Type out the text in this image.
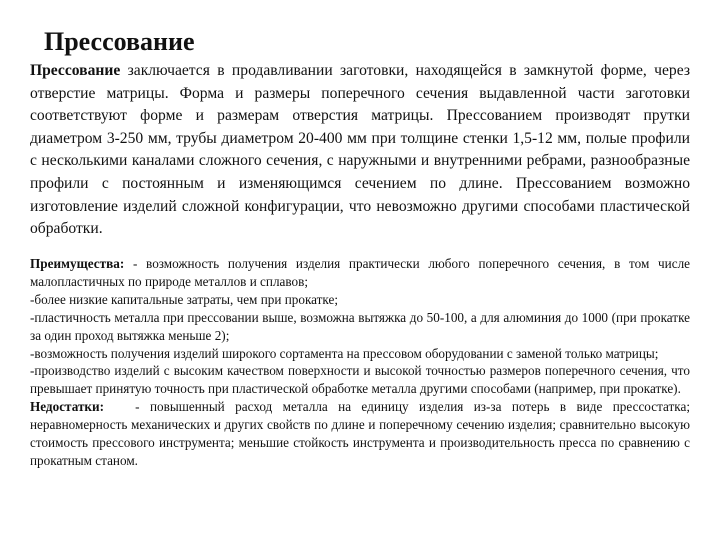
Прессование

Прессование заключается в продавливании заготовки, находящейся в замкнутой форме, через отверстие матрицы. Форма и размеры поперечного сечения выдавленной части заготовки соответствуют форме и размерам отверстия матрицы. Прессованием производят прутки диаметром 3-250 мм, трубы диаметром 20-400 мм при толщине стенки 1,5-12 мм, полые профили с несколькими каналами сложного сечения, с наружными и внутренними ребрами, разнообразные профили с постоянным и изменяющимся сечением по длине. Прессованием возможно изготовление изделий сложной конфигурации, что невозможно другими способами пластической обработки.

Преимущества: - возможность получения изделия практически любого поперечного сечения, в том числе малопластичных по природе металлов и сплавов;

-более низкие капитальные затраты, чем при прокатке;

-пластичность металла при прессовании выше, возможна вытяжка до 50-100, а для алюминия до 1000 (при прокатке за один проход вытяжка меньше 2);

-возможность получения изделий широкого сортамента на прессовом оборудовании с заменой только матрицы;

-производство изделий с высоким качеством поверхности и высокой точностью размеров поперечного сечения, что превышает принятую точность при пластической обработке металла другими способами (например, при прокатке).

Недостатки:   - повышенный расход металла на единицу изделия из-за потерь в виде прессостатка; неравномерность механических и других свойств по длине и поперечному сечению изделия; сравнительно высокую стоимость прессового инструмента; меньшие стойкость инструмента и производительность пресса по сравнению с прокатным станом.
